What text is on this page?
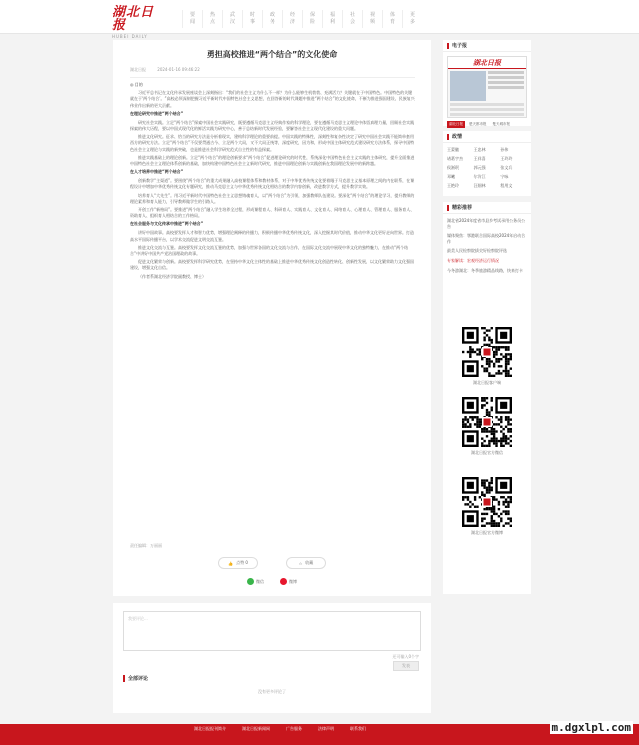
湖北日报
HUBEI DAILY
要
闻
热
点
武
汉
时
事
政
务
经
济
保
险
福
利
社
会
视
频
体
育
更
多
勇担高校推进“两个结合”的文化使命
湖北日报	2024-01-16 09:46:22
◎ 目的
习近平总书记在文化传承发展座谈会上深刻指出：“我们的社会主义为什么不一样？为什么能够生机勃勃、充满活力？关键就在于中国特色。中国特色的关键就在于‘两个结合’。”高校必须深刻把握习近平新时代中国特色社会主义思想，在回答新的时代课题中推进“两个结合”的文化使命，不断为推进强国建设、民族复兴伟业作出新的更大贡献。
在理论研究中推进“两个结合”
研究社会实践。立足“两个结合”探索中国社会实践研究，既要遵循马克思主义经典作家的科学理论，要在遵循马克思主义理论中体悟真理力量，回顾社会实践探索的伟大历程，要以中国式现代化的鲜活实践为研究中心，善于总结新时代发展经验，要解答社会主义现代化建设的重大问题。
推进文化研究。征求、恰当的研究方法是分析着现实，建构科学理论的重要前提。中国实践的特殊性，深刻性和复杂性决定了研究中国社会实践不能简单套用西方的研究方法。立足“两个结合”不仅要贯通古今、立足两个大局，又不大局正统等，深度研究，因为和，形成中国主体研究范式建设研究方法体系，探寻中国特色社会主义理论与实践的新突破，也是推进社会科学研究范式自主性的有益探索。
推进实践基础上的理论创新。立足“两个结合”的理论创新要求“两个结合”促进理论研究的时代性，系统深化中国特色社会主义实践的主体研究，提升全面推进中国特色社会主义理论体系创新的基础，加快构建中国特色社会主义新时代研究，推进中国理论创新与实践创新在我国理论发展中的新跨越。
在人才培养中推进“两个结合”
创新教学“主渠道”。要围绕“两个结合”的重大成果融入高校课程体系和教材体系，对于中华优秀传统文化要着眼于马克思主义基本原理之间的内在联系，在课程设计中增加中华优秀传统文化专题研究，推动马克思主义与中华优秀传统文化相结合的教学内容创新，改进教学方式，提升教学实效。
培养育人“大先生”。用习近平新时代中国特色社会主义思想铸魂育人，以“两个结合”为引领，加强教师队伍建设。要深化“两个结合”的理论学习，提升教师的理论素养和育人能力，引导教师做学生的引路人。
开创工作“新格局”。要推进“两个结合”融入学生培养全过程，形成课程育人、科研育人、实践育人、文化育人、网络育人、心理育人、管理育人、服务育人、资助育人、组织育人相结合的工作格局。
在社会服务与文化传承中推进“两个结合”
讲好中国故事。高校要发挥人才和智力优势，增强理论阐释的传播力，积极传播中华优秀传统文化，深入挖掘其时代价值，推动中华文化更好走向世界。打造高水平国际传播平台，以学术交流促进文明交流互鉴。
推进文化交流与互鉴。高校要发挥文化交流互鉴的优势，加强与世界各国的文化交流与合作，在国际文化交流中展现中华文化的独特魅力，在推动“两个结合”中讲好中国共产党治国理政的故事。
促进文化繁荣与创新。高校要发挥科学研究优势，在坚持中华文化主体性的基础上推进中华优秀传统文化创造性转化、创新性发展，以文化繁荣助力文化强国建设，增强文化自信。
（作者系湖北经济学院副教授、博士）
责任编辑：万丽丽
👍 点赞 0	☆ 收藏
微信	微博
我要评论...
还可输入0个字
发表
全部评论
没有更多评论了
电子报
湖北日报
湖北日报	楚天都市报	楚天城市报
政情
王蒙徽	王忠林	孙伟
诸葛宇杰	王祥喜	王玲玲
侯淅珉	郭元强	张文兵
邓曦	尔肯江	宁咏
王艳玲	汪细林	程用文
精彩推荐
湖北省2024年度省市县乡考试录用公务员公告
媒体聚焦：鄂港联合国际高校2024年启动合作
最美人民检察院拔尖好检察院评选
专家解读：宏观经济运行情况
今冬游湖北：冬季旅游精品线路，快来打卡
湖北日报客户端
湖北日报官方微信
湖北日报官方微博
湖北日报报刊简介	湖北日报新闻网	广告服务	法律声明	联系我们	m.dgxlpl.com
